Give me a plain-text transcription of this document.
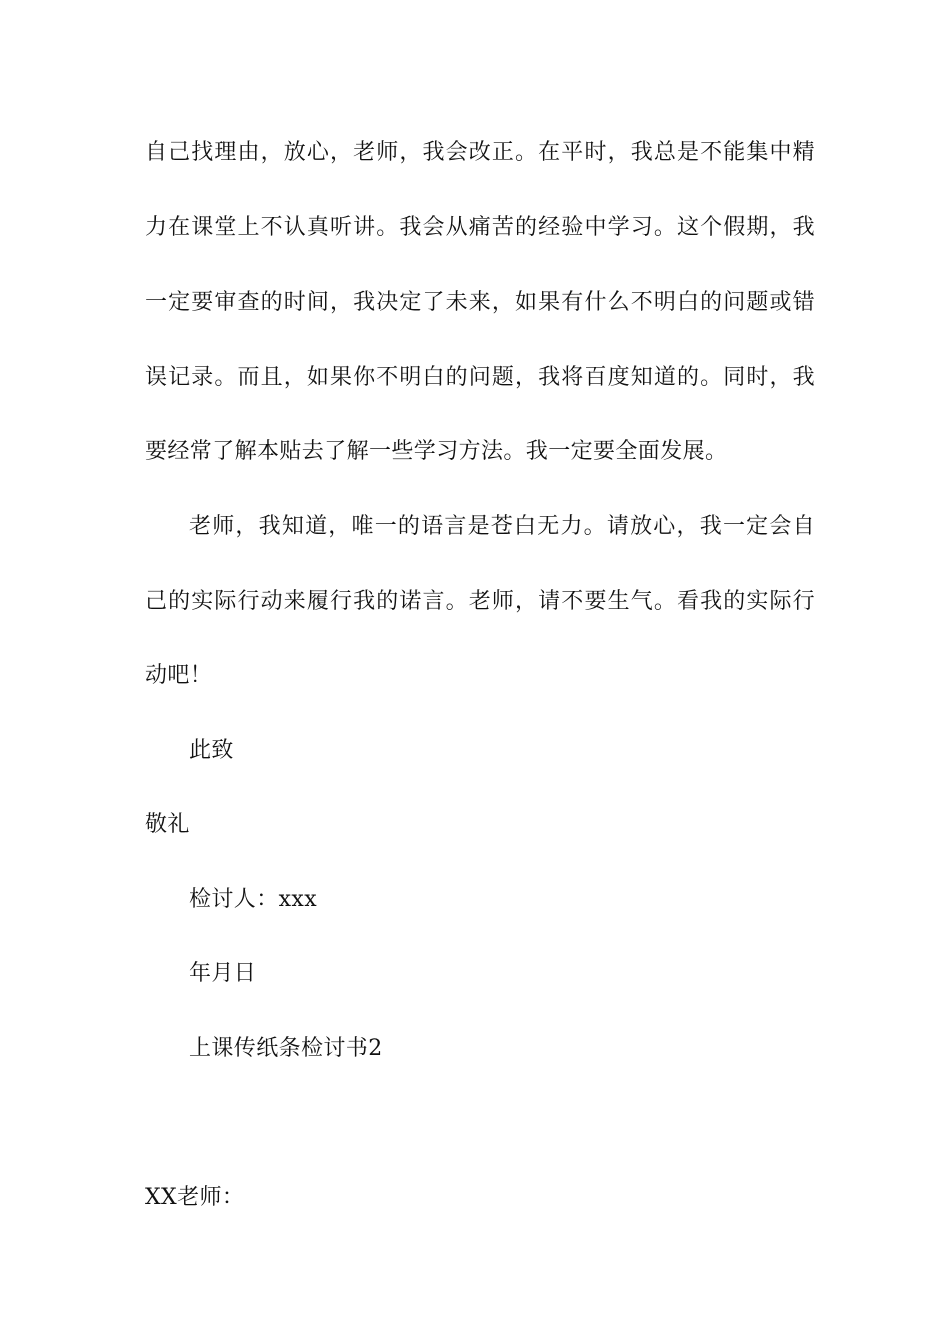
自己找理由，放心，老师，我会改正。在平时，我总是不能集中精
力在课堂上不认真听讲。我会从痛苦的经验中学习。这个假期，我
一定要审查的时间，我决定了未来，如果有什么不明白的问题或错
误记录。而且，如果你不明白的问题，我将百度知道的。同时，我
要经常了解本贴去了解一些学习方法。我一定要全面发展。
老师，我知道，唯一的语言是苍白无力。请放心，我一定会自
己的实际行动来履行我的诺言。老师，请不要生气。看我的实际行
动吧！
此致
敬礼
检讨人：xxx
年月日
上课传纸条检讨书2
XX老师：
